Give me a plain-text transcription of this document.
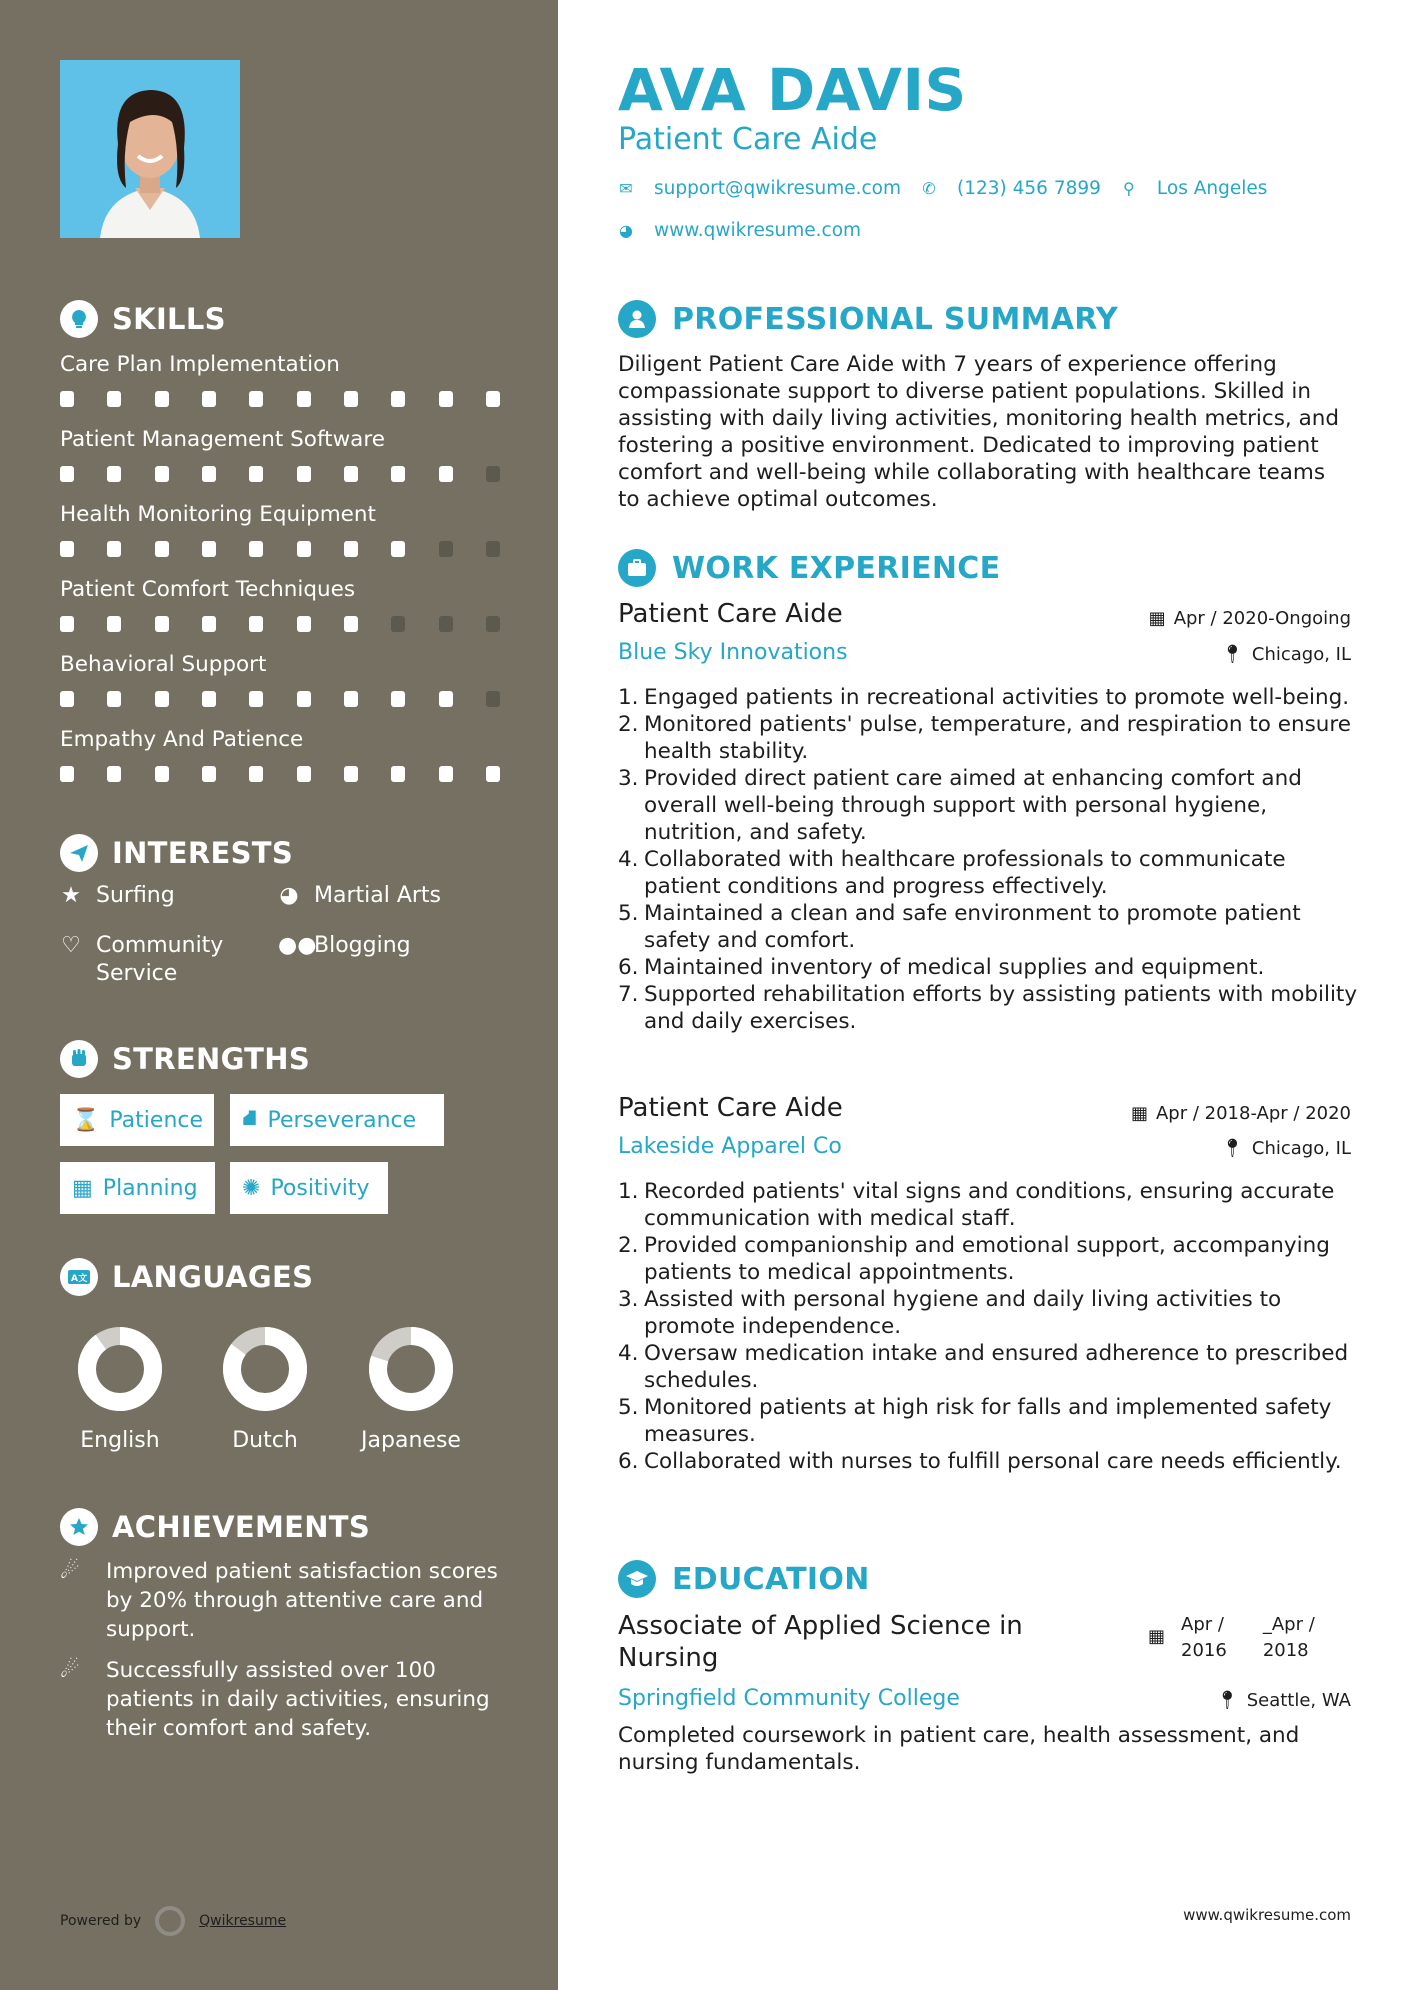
SKILLS
Care Plan Implementation
Patient Management Software
Health Monitoring Equipment
Patient Comfort Techniques
Behavioral Support
Empathy And Patience
INTERESTS
★ Surfing	◕ Martial Arts
♡ Community Service
●●
Blogging
STRENGTHS
⌛ Patience ⛘ Perseverance
▦ Planning ✺ Positivity
A文 LANGUAGES
English	Dutch	Japanese
ACHIEVEMENTS
☄	Improved patient satisfaction scores by 20% through attentive care and support.
☄	Successfully assisted over 100 patients in daily activities, ensuring their comfort and safety.
Powered by	Qwikresume
AVA DAVIS
Patient Care Aide
✉ support@qwikresume.com ✆ (123) 456 7899 ⚲ Los Angeles
◕ www.qwikresume.com
PROFESSIONAL SUMMARY

Diligent Patient Care Aide with 7 years of experience offering compassionate support to diverse patient populations. Skilled in assisting with daily living activities, monitoring health metrics, and fostering a positive environment. Dedicated to improving patient comfort and well-being while collaborating with healthcare teams to achieve optimal outcomes.

WORK EXPERIENCE
Patient Care Aide	▦ Apr / 2020-Ongoing
Blue Sky Innovations	📍︎ Chicago, IL
1. Engaged patients in recreational activities to promote well-being.
2. Monitored patients' pulse, temperature, and respiration to ensure health stability.
3. Provided direct patient care aimed at enhancing comfort and overall well-being through support with personal hygiene, nutrition, and safety.
4. Collaborated with healthcare professionals to communicate patient conditions and progress effectively.
5. Maintained a clean and safe environment to promote patient safety and comfort.
6. Maintained inventory of medical supplies and equipment.
7. Supported rehabilitation efforts by assisting patients with mobility and daily exercises.
Patient Care Aide	▦ Apr / 2018-Apr / 2020
Lakeside Apparel Co	📍︎ Chicago, IL
1. Recorded patients' vital signs and conditions, ensuring accurate communication with medical staff.
2. Provided companionship and emotional support, accompanying patients to medical appointments.
3. Assisted with personal hygiene and daily living activities to promote independence.
4. Oversaw medication intake and ensured adherence to prescribed schedules.
5. Monitored patients at high risk for falls and implemented safety measures.
6. Collaborated with nurses to fulfill personal care needs efficiently.
EDUCATION
Associate of Applied Science in
Nursing
▦
Apr /
2016
_Apr /
2018
Springfield Community College	📍︎ Seattle, WA

Completed coursework in patient care, health assessment, and nursing fundamentals.

www.qwikresume.com
